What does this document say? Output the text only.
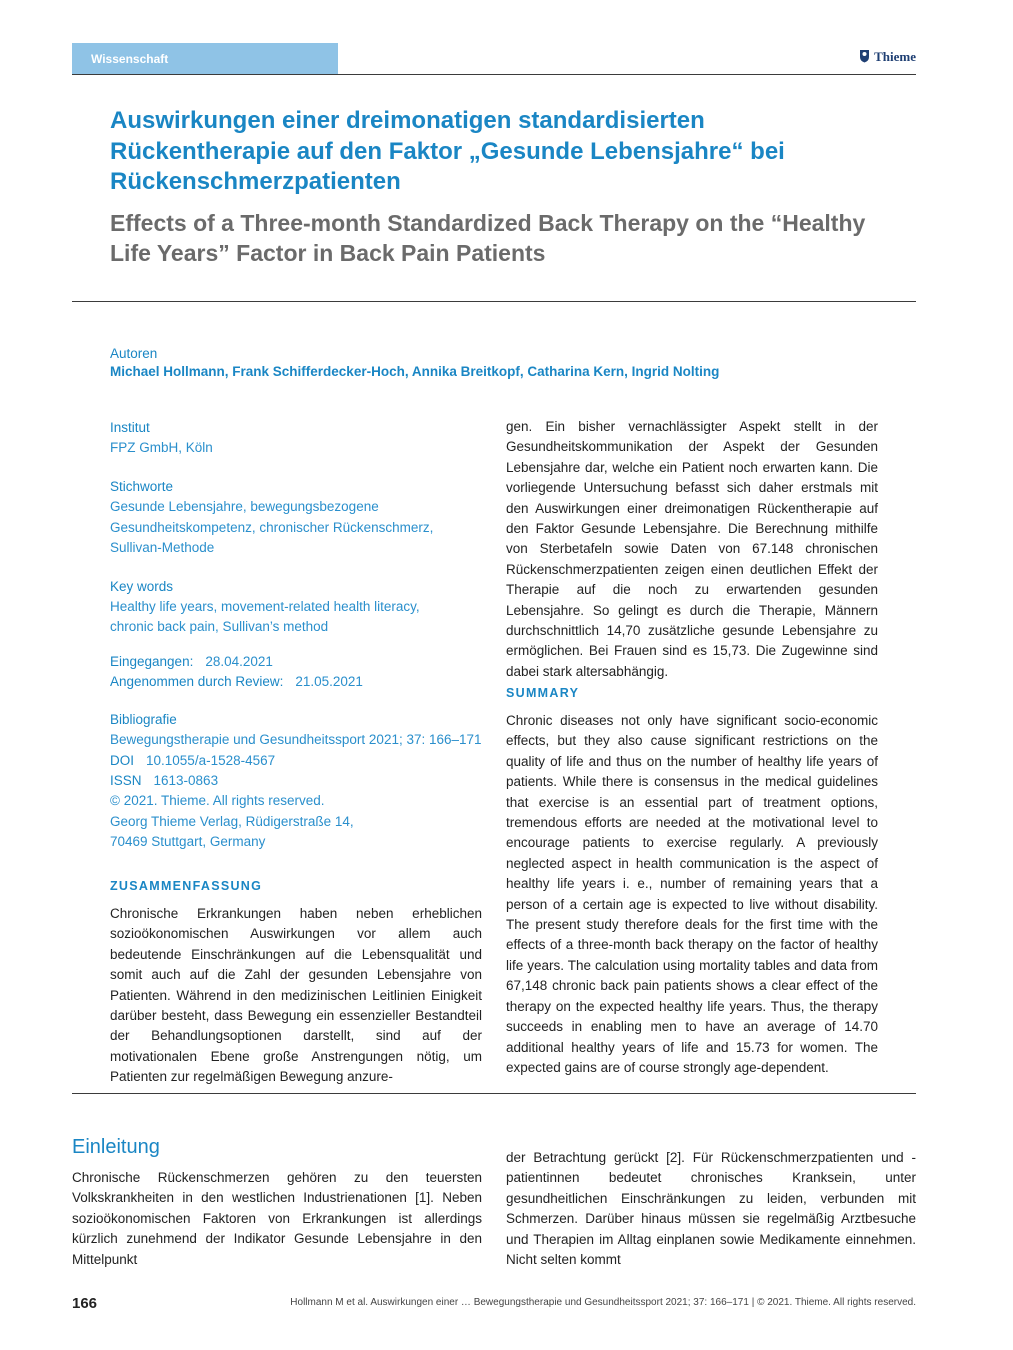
Wissenschaft	Thieme
Auswirkungen einer dreimonatigen standardisierten Rückentherapie auf den Faktor „Gesunde Lebensjahre“ bei Rückenschmerzpatienten
Effects of a Three-month Standardized Back Therapy on the “Healthy Life Years” Factor in Back Pain Patients
Autoren
Michael Hollmann, Frank Schifferdecker-Hoch, Annika Breitkopf, Catharina Kern, Ingrid Nolting
Institut
FPZ GmbH, Köln
Stichworte
Gesunde Lebensjahre, bewegungsbezogene
Gesundheitskompetenz, chronischer Rückenschmerz,
Sullivan-Methode
Key words
Healthy life years, movement-related health literacy,
chronic back pain, Sullivan’s method
Eingegangen: 28.04.2021
Angenommen durch Review: 21.05.2021
Bibliografie
Bewegungstherapie und Gesundheitssport 2021; 37: 166–171
DOI 10.1055/a-1528-4567
ISSN 1613-0863
© 2021. Thieme. All rights reserved.
Georg Thieme Verlag, Rüdigerstraße 14,
70469 Stuttgart, Germany
ZUSAMMENFASSUNG
Chronische Erkrankungen haben neben erheblichen sozioökonomischen Auswirkungen vor allem auch bedeutende Einschränkungen auf die Lebensqualität und somit auch auf die Zahl der gesunden Lebensjahre von Patienten. Während in den medizinischen Leitlinien Einigkeit darüber besteht, dass Bewegung ein essenzieller Bestandteil der Behandlungsoptionen darstellt, sind auf der motivationalen Ebene große Anstrengungen nötig, um Patienten zur regelmäßigen Bewegung anzure-
gen. Ein bisher vernachlässigter Aspekt stellt in der Gesundheitskommunikation der Aspekt der Gesunden Lebensjahre dar, welche ein Patient noch erwarten kann. Die vorliegende Untersuchung befasst sich daher erstmals mit den Auswirkungen einer dreimonatigen Rückentherapie auf den Faktor Gesunde Lebensjahre. Die Berechnung mithilfe von Sterbetafeln sowie Daten von 67.148 chronischen Rückenschmerzpatienten zeigen einen deutlichen Effekt der Therapie auf die noch zu erwartenden gesunden Lebensjahre. So gelingt es durch die Therapie, Männern durchschnittlich 14,70 zusätzliche gesunde Lebensjahre zu ermöglichen. Bei Frauen sind es 15,73. Die Zugewinne sind dabei stark altersabhängig.
SUMMARY
Chronic diseases not only have significant socio-economic effects, but they also cause significant restrictions on the quality of life and thus on the number of healthy life years of patients. While there is consensus in the medical guidelines that exercise is an essential part of treatment options, tremendous efforts are needed at the motivational level to encourage patients to exercise regularly. A previously neglected aspect in health communication is the aspect of healthy life years i. e., number of remaining years that a person of a certain age is expected to live without disability. The present study therefore deals for the first time with the effects of a three-month back therapy on the factor of healthy life years. The calculation using mortality tables and data from 67,148 chronic back pain patients shows a clear effect of the therapy on the expected healthy life years. Thus, the therapy succeeds in enabling men to have an average of 14.70 additional healthy years of life and 15.73 for women. The expected gains are of course strongly age-dependent.
Einleitung
Chronische Rückenschmerzen gehören zu den teuersten Volkskrankheiten in den westlichen Industrienationen [1]. Neben sozioökonomischen Faktoren von Erkrankungen ist allerdings kürzlich zunehmend der Indikator Gesunde Lebensjahre in den Mittelpunkt
der Betrachtung gerückt [2]. Für Rückenschmerzpatienten und -patientinnen bedeutet chronisches Kranksein, unter gesundheitlichen Einschränkungen zu leiden, verbunden mit Schmerzen. Darüber hinaus müssen sie regelmäßig Arztbesuche und Therapien im Alltag einplanen sowie Medikamente einnehmen. Nicht selten kommt
166	Hollmann M et al. Auswirkungen einer … Bewegungstherapie und Gesundheitssport 2021; 37: 166–171 | © 2021. Thieme. All rights reserved.
